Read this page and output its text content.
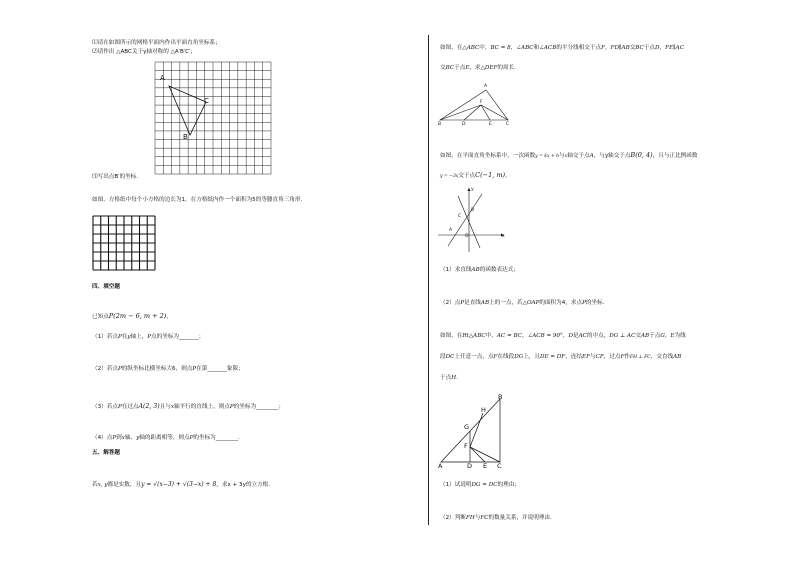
⑴请在如图所示的网格平面内作出平面直角坐标系；
⑵请作出 △ABC关于y轴对称的 △A′B′C′；
A
B
C
⑶写出点B′的坐标.
如图，方格纸中每个小方格的边长为1，在方格纸内作一个面积为5的等腰直角三角形.
四、填空题
已知点P(2m − 6, m + 2)，
（1）若点P在y轴上，P点的坐标为_______；
（2）若点P的纵坐标比横坐标大6，则点P在第_______象限；
（3）若点P在过点A(2, 3)且与x轴平行的直线上，则点P的坐标为________；
（4）点P到x轴、y轴的距离相等，则点P的坐标为________.
五、解答题
若x, y都是实数，且y = √(x−3) + √(3−x) + 8，求x + 3y的立方根.
如图，在△ABC中，BC = 8，∠ABC和∠ACB的平分线相交于点F，FD∥AB交BC于点D，FE∥AC
交BC于点E，求△DEF的周长.
A
F
B	D	E	C
如图，在平面直角坐标系中，一次函数y = kx + b与x轴交于点A，与y轴交于点B(0, 4)，且与正比例函数
y = −3x交于点C(−1, m)。
y
B
C
A
O	x
（1）求直线AB的函数表达式；
（2）点P是直线AB上的一点，若△OAP的面积为4，求点P的坐标.
如图，在Rt△ABC中，AC = BC，∠ACB = 90°，D是AC的中点，DG ⊥ AC交AB于点G，E为线
段DC上任意一点，点F在线段DG上，且DE = DF，连结EF与CF，过点F作FH ⊥ FC，交直线AB
于点H.
B
H
G
F
A	D E C
（1）试说明DG = DC的理由；
（2）判断FH与FC的数量关系，并说明理由.
